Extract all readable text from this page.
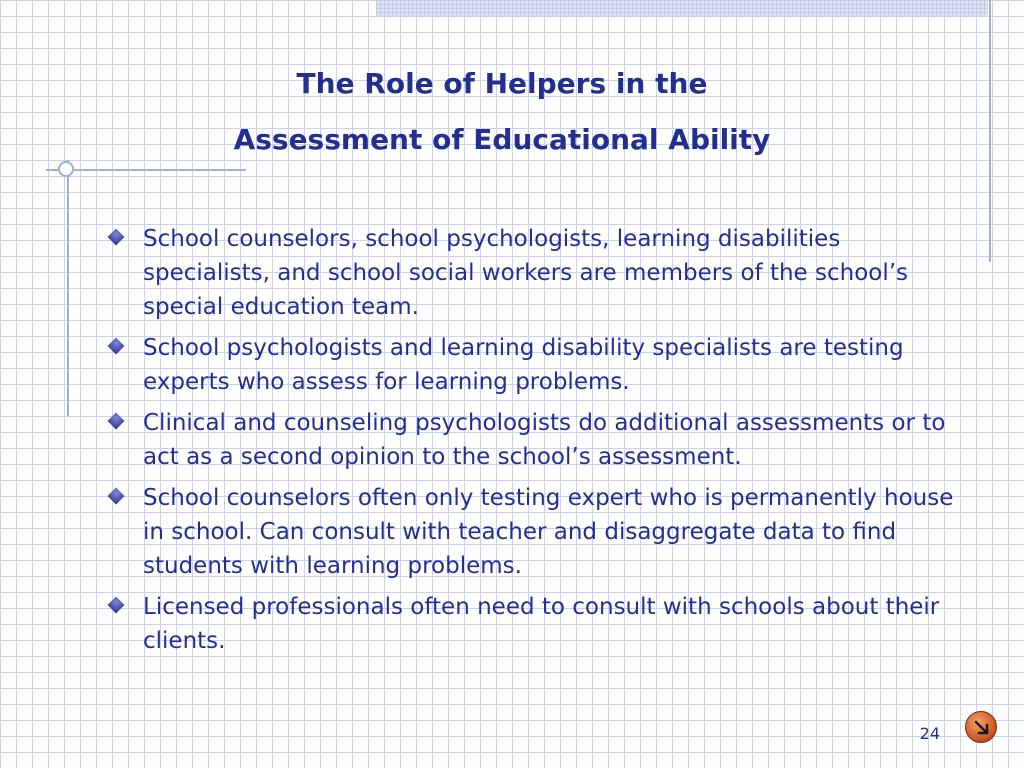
The Role of Helpers in the
Assessment of Educational Ability
School counselors, school psychologists, learning disabilities specialists, and school social workers are members of the school’s special education team.
School psychologists and learning disability specialists are testing experts who assess for learning problems.
Clinical and counseling psychologists do additional assessments or to act as a second opinion to the school’s assessment.
School counselors often only testing expert who is permanently house in school. Can consult with teacher and disaggregate data to find students with learning problems.
Licensed professionals often need to consult with schools about their clients.
24
